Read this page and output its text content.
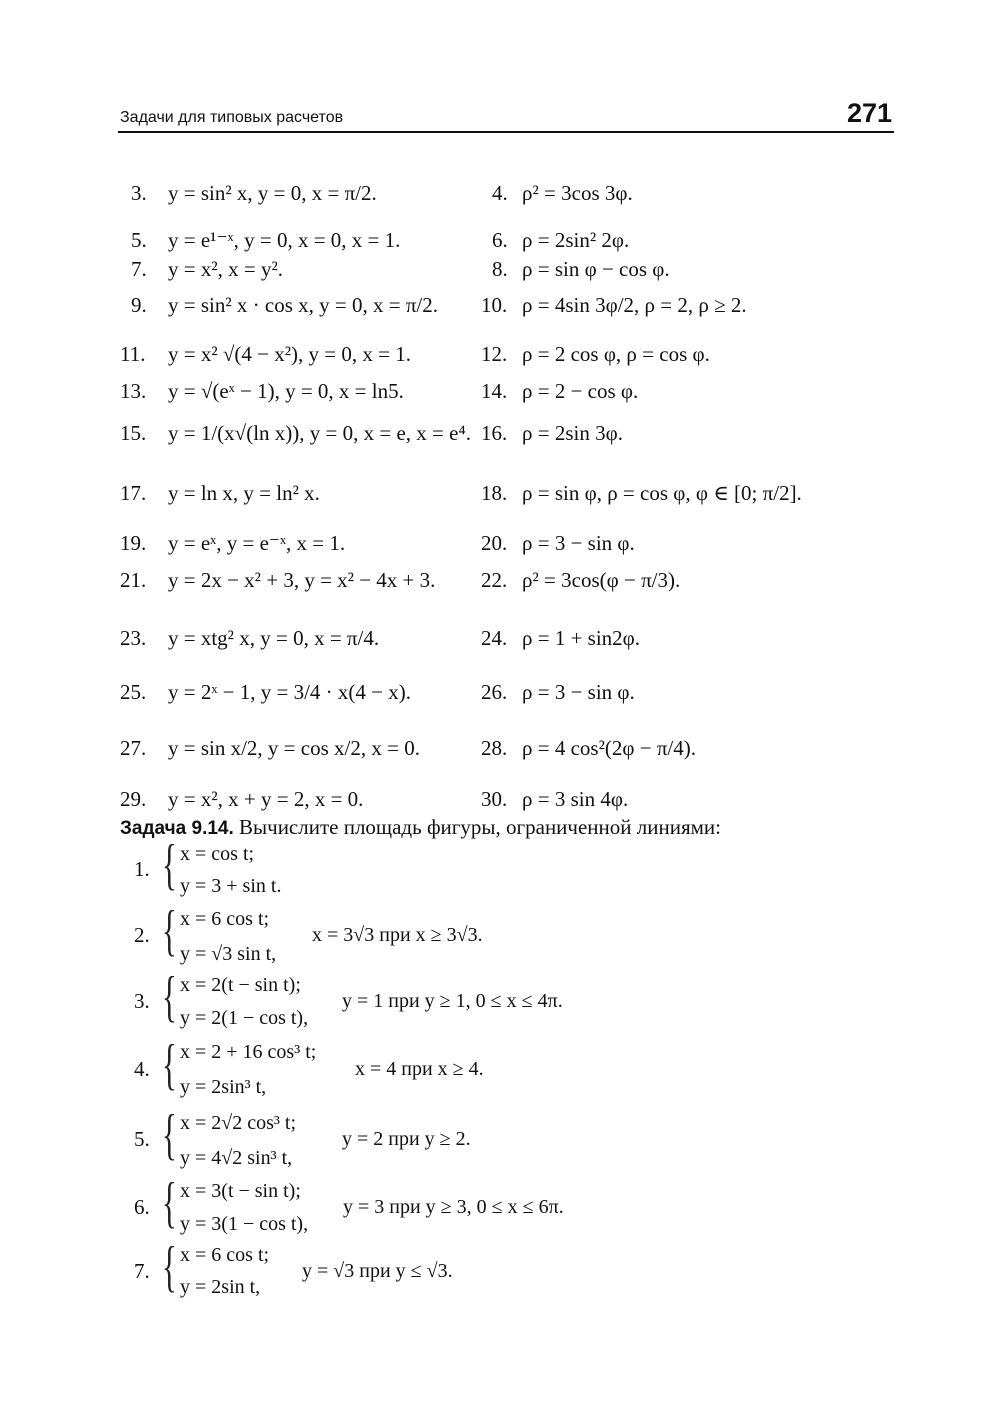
Задачи для типовых расчетов	271
3. y = sin² x, y = 0, x = π/2.
5. y = e¹⁻ˣ, y = 0, x = 0, x = 1.
7. y = x², x = y².
9. y = sin² x · cos x, y = 0, x = π/2.
11. y = x² √(4 − x²), y = 0, x = 1.
13. y = √(eˣ − 1), y = 0, x = ln5.
15. y = 1/(x√(ln x)), y = 0, x = e, x = e⁴.
17. y = ln x, y = ln² x.
19. y = eˣ, y = e⁻ˣ, x = 1.
21. y = 2x − x² + 3, y = x² − 4x + 3.
23. y = xtg² x, y = 0, x = π/4.
25. y = 2ˣ − 1, y = 3/4 · x(4 − x).
27. y = sin x/2, y = cos x/2, x = 0.
29. y = x², x + y = 2, x = 0.
4. ρ² = 3cos 3φ.
6. ρ = 2sin² 2φ.
8. ρ = sin φ − cos φ.
10. ρ = 4sin 3φ/2, ρ = 2, ρ ≥ 2.
12. ρ = 2 cos φ, ρ = cos φ.
14. ρ = 2 − cos φ.
16. ρ = 2sin 3φ.
18. ρ = sin φ, ρ = cos φ, φ ∈ [0; π/2].
20. ρ = 3 − sin φ.
22. ρ² = 3cos(φ − π/3).
24. ρ = 1 + sin2φ.
26. ρ = 3 − sin φ.
28. ρ = 4 cos²(2φ − π/4).
30. ρ = 3 sin 4φ.
Задача 9.14. Вычислите площадь фигуры, ограниченной линиями:
1. { x = cos t;
y = 3 + sin t.
2. { x = 6 cos t;
y = √3 sin t,
x = 3√3 при x ≥ 3√3.
3. { x = 2(t − sin t);
y = 2(1 − cos t),
y = 1 при y ≥ 1, 0 ≤ x ≤ 4π.
4. { x = 2 + 16 cos³ t;
y = 2sin³ t,
x = 4 при x ≥ 4.
5. { x = 2√2 cos³ t;
y = 4√2 sin³ t,
y = 2 при y ≥ 2.
6. { x = 3(t − sin t);
y = 3(1 − cos t),
y = 3 при y ≥ 3, 0 ≤ x ≤ 6π.
7. { x = 6 cos t;
y = 2sin t,
y = √3 при y ≤ √3.
